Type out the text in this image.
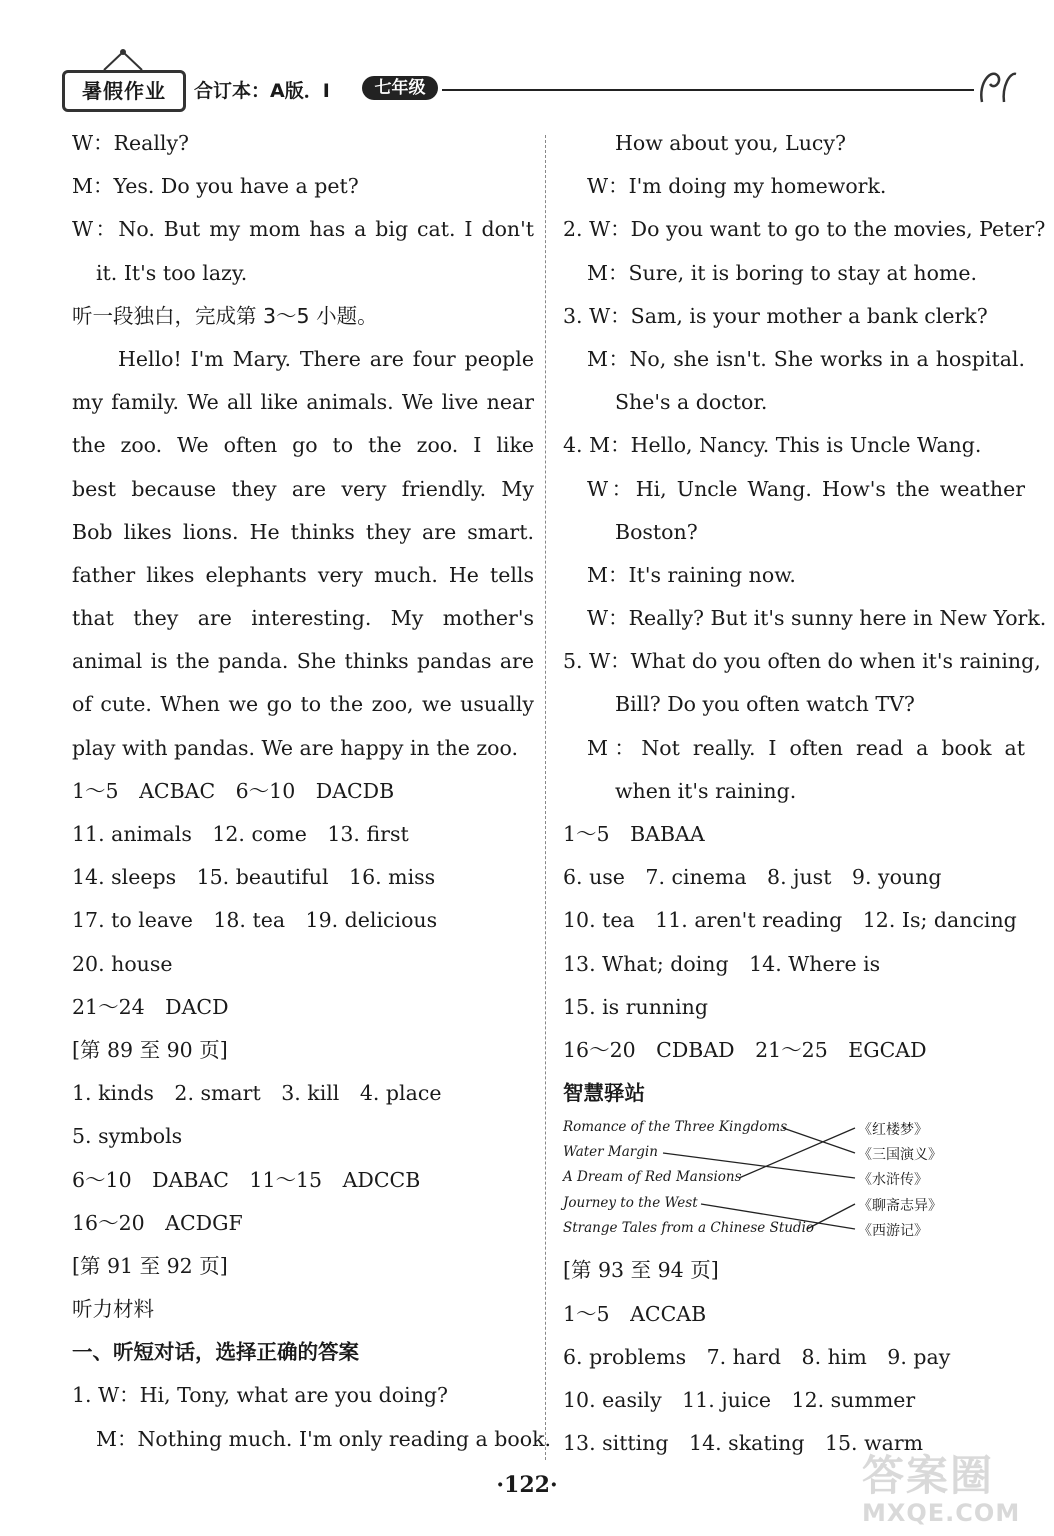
暑假作业	合订本：A版．Ⅰ	七年级
W：Really?
M：Yes. Do you have a pet?
W：No. But my mom has a big cat. I don't
it. It's too lazy.
听一段独白，完成第 3～5 小题。
Hello! I'm Mary. There are four people
my family. We all like animals. We live near
the zoo. We often go to the zoo. I like
best because they are very friendly. My
Bob likes lions. He thinks they are smart.
father likes elephants very much. He tells
that they are interesting. My mother's
animal is the panda. She thinks pandas are
of cute. When we go to the zoo, we usually
play with pandas. We are happy in the zoo.
1～5　ACBAC　6～10　DACDB
11. animals　12. come　13. first
14. sleeps　15. beautiful　16. miss
17. to leave　18. tea　19. delicious
20. house
21～24　DACD
[第 89 至 90 页]
1. kinds　2. smart　3. kill　4. place
5. symbols
6～10　DABAC　11～15　ADCCB
16～20　ACDGF
[第 91 至 92 页]
听力材料
一、听短对话，选择正确的答案
1. W：Hi, Tony, what are you doing?
M：Nothing much. I'm only reading a book.
How about you, Lucy?
W：I'm doing my homework.
2. W：Do you want to go to the movies, Peter?
M：Sure, it is boring to stay at home.
3. W：Sam, is your mother a bank clerk?
M：No, she isn't. She works in a hospital.
She's a doctor.
4. M：Hello, Nancy. This is Uncle Wang.
W：Hi, Uncle Wang. How's the weather
Boston?
M：It's raining now.
W：Really? But it's sunny here in New York.
5. W：What do you often do when it's raining,
Bill? Do you often watch TV?
M：Not really. I often read a book at
when it's raining.
1～5　BABAA
6. use　7. cinema　8. just　9. young
10. tea　11. aren't reading　12. Is; dancing
13. What; doing　14. Where is
15. is running
16～20　CDBAD　21～25　EGCAD
智慧驿站
Romance of the Three Kingdoms
Water Margin
A Dream of Red Mansions
Journey to the West
Strange Tales from a Chinese Studio
《红楼梦》
《三国演义》
《水浒传》
《聊斋志异》
《西游记》
[第 93 至 94 页]
1～5　ACCAB
6. problems　7. hard　8. him　9. pay
10. easily　11. juice　12. summer
13. sitting　14. skating　15. warm
·122·	答案圈
MXQE.COM
